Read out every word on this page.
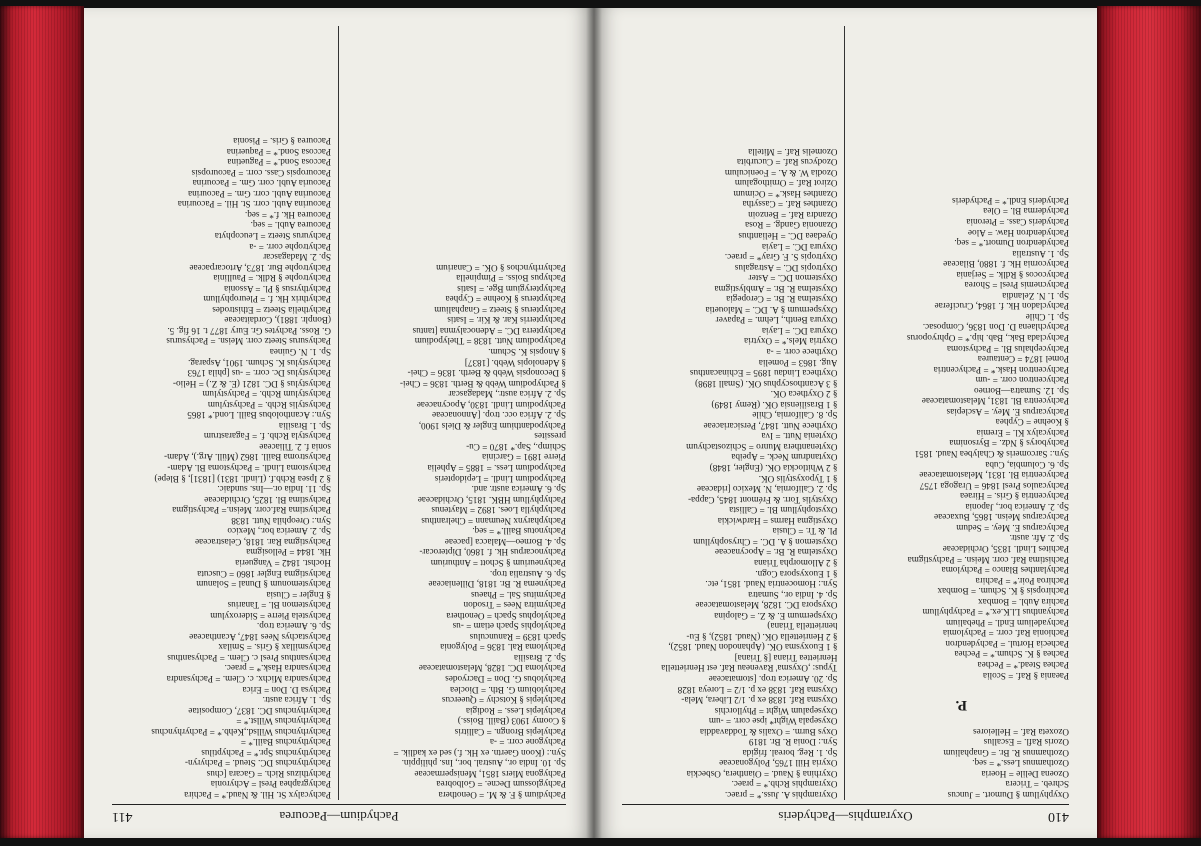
411	Pachydium—Pacourea
Pachydium § F. & M. = Oenothera
Pachyglossum Decne. = Golbobrea
Pachygona Miers 1851, Menispermaceae
Sp. 10. India or., Austral. bor., Ins. philippin.
Syn.: (Koon Gaertn. ex Hk. f.) sed ex kadlik. =
Pachygone corr. = -a
Pachylepis Brongn. = Callitris
§ Coomy 1903 (Baill. Boiss.)
Pachylepis Less. = Rodigia
Pachylepis § Kotschy = Queercus
Pachylobium G. Bth. = Dioclea
Pachylobus G. Don = Dacryodes
Pachyloma DC. 1828, Melastomataceae
Sp. 2. Brasilia
Pachyloma Ral. 1836 = Polygonia
Spach 1839 = Ranunculus
Pachylophis Spach etiam = -us
Pachylophus Spach = Oenothera
Pachymitra Nees = Trsodon
Pachymitus Sal. = Phaeus
Pachynema R. Br. 1818, Dilleniaceae
Sp. 6. Australia trop.
Pachyneurium § Schott = Anthurium
Pachynocarpus Hk. f. 1860, Dipterocar-
Sp. 4. Borneo—Malacca [paceae
Pachynotus Baill.* = seq.
Pachypharynx Neumann = Chelranthus
Pachyphylla Loes. 1892 = Maytenus
Pachyphyllum HBK. 1815, Orchidaceae
Sp. 6. America austr. and.
Pachypodium Lindl. = Lepidopteris
Pachypodium Less. = 1885 = Aphelia
Pierre 1891 = Garcinia
Schimp., Sap.* 1870 = Cu-
pressites
Pachypodanthium Engler & Diels 1900,
Sp. 2. Africa occ. trop. [Annonaceae
Pachypodium Lindl. 1830, Apocynaceae
Sp. 2. Africa austr., Madagascar
§ Pachypodium Webb & Berth. 1836 = Chei-
§ Deconopsis Webb & Berth. 1836 = Chei-
§ Adenolopis Webb. [1837]
§ Anopsis K. Schum.
Pachypodium Nutt. 1838 = Thelypodium
Pachypterra DC. = Adenocalymna [tantus
Pachypterris Kar. & Kir. = Isatis
Pachypterus § Steetz = Gnaphalium
Pachypterus § Koehne = Cyphea
Pachypterygium Bge. = Isatis
Pachypus Boiss. = Pimpinella
Pachyrrhynchos § OK. = Canarium
Pachycalyx St. Hil. & Naud.* = Pachira
Pachygraphea Presl = Achyronia
Pachythizus Rich. = Gacara [chus
Pachythynchus DC. Steud. = Pachyryn-
Pachythynchus Spr.* = Pachyptilus
Pachythynchus Baill.* =
Pachyrhynchus Willsd.,Kehb.* = Pachyrhynchus
Pachyrhynchus Willst.* =
Pachyrhynchus DC. 1837, Compositae
Sp. 1. Africa austr.
Pachysa D. Don = Erica
Pachysandra Michx. c. Clem. = Pachysandra
Pachysandra Hask.* = praec.
Pachysanthus Presl c. Clem. = Pachysanthus
Pachysmillax § Gris. = Smilax
Pachystachys Nees 1847, Acanthaceae
Sp. 6. America trop.
Pachystela Pierre = Sideroxylum
Pachystemon Bl. = Tanarius
§ Engler = Clusia
Pachystemonum § Dunal = Solanum
Pachystigma Engler 1860 = Cuscuta
Hochst. 1842 = Vangueria
Hk. 1844 = Pellosigma
Pachystigma Rar. 1818, Celastraceae
Sp. 2. America bor., Mexico
Syn.: Oreophila Nutt. 1838
Pachystima Raf.corr. Meisn.= Pachystigma
Pachystima Bl. 1825, Orchidaceae
Sp. 11. India or.—Ins. sundaic.
§ 2 Ipsea Rchb.f. (Lindl. 1831) [1831], § Blepe)
Pachystoma Lindl. = Pachystoma Bl. Adam-
Pachystroma Baill. 1862 (Müll. Arg.), Adam-
sonia f. 2. Tiliaceae
Pachystyla Rchb. f. = Fagarastrum
Sp. 1. Brasilia
Syn.: Acantholobus Baill. Lond.* 1865
Pachystylis Rchb. = Pachystylum
Pachystylum Rchb. = Pachystylum
Pachystylus § DC. 1821 (E. & Z.) = Helio-
Pachystylus Dc. corr. = -us [phila 1763
Pachystylus K. Schum. 1901, Asparag.
Sp. 1. N. Guinea
Pachysurus Steetz corr. Meisn. = Pachysurus
G. Ross. Pachytes Gr. Eury 1877 t. 16 fig. 5.
(Bonplr. 1881), Cordaitaceae
Pachythelia Steetz = Ethistrodes
Pachythrix Hk. f. = Pleurophyllum
Pachythyrsus § Pl. = Assonia
Pachytrophe § Rdlk. = Paullinia
Pachytrophe Bur. 1873, Artocarpaceae
Sp. 2. Madagascar
Pachytrophe corr. = -a
Pachyurus Steetz = Leucophyta
Pacourea Aubl. = seq.
Pacourea Hk. f.* = seq.
Pacourina Aubl. corr. St. Hil. = Pacourina
Pacourina Aubl. corr. Gm. = Pacourina
Pacouria Aubl. corr. Gm. = Pacourina
Pacouropsis Cass. corr. = Pacouropsis
Paccosa Sond.* = Paguetina
Paccosa Sond.* = Paquerina
Pacourea § Gris. = Pisonia
410
Oxyramphis—Pachyderis
Oxyphyllum § Dumort. = Juncus
Schreb. = Tricera
Ozoena Delile = Hoeria
Ozothamnus Less.* = seq.
Ozothamnus R. Br. = Gnaphalium
Ozoris Rafl. = Escallus
Ozoxeta Raf. = Helleiores

P.

Paeania § Raf. = Scolia
Pachea Stead.* = Pechea
Pachea § K. Schum.* = Pechea
Pachecia Hortul. = Pachydendron
Pachionia Raf. corr. = Pachylomia
Pachyadelium Endl. = Phebalium
Pachyanthus Ll.K.ex.* = Pachyphyllum
Pachira Aubl. = Bombax
Pachiropsis § K. Schum. = Bombax
Pachiroa Poir.* = Pachira
Pachylanthes Blanco = Pachyloma
Pachistima Raf. corr. Meisn. = Pachystigma
Pachites Lindl. 1835, Orchidaceae
Sp. 2. Afr. austr.
Pachycarpus E. Mey. = Sedum
Pachycarpus Meisn. 1865, Buxaceae
Sp. 2. America bor., Japonia
Pachycentria § Gris. = Hiraea
Pachycaulos Presl 1846 = Uragoga 1757
Pachycentria Bl. 1831, Melastomataceae
Sp. 6. Columbia, Cuba
Syn.: Sarcomeris & Chalybea Naud. 1851
Pachyborys § Ndz. = Byrsonima
Pachycalyx Kl. = Eremia
§ Koehne = Cyphea
Pachycarpus E. Mey. = Asclepias
Pachycentra Bl. 1831, Melastomataceae
Sp. 12. Sumatra—Borneo
Pachycentron corr. = -um
Pachycentron Hask.* = Pachycentria
Pomel 1874 = Centaurea
Pachycephalus Bl. = Pachystoma
Pachyclada Bak., Bab. hip.* = Ophryoporus
Pachychlaena D. Don 1836, Composac.
Sp. 1. Chile
Pachycladon Hk. f. 1864, Cruciferae
Sp. 1. N. Zelandia
Pachycnemis Presl = Shorea
Pachycocos § Rdlk. = Serjania
Pachycornia Hk. f. 1880, Bilaceae
Sp. 1. Australia
Pachydendron Dumort.* = seq.
Pachydendron Haw. = Aloe
Pachyderis Cass. = Pteronia
Pachyderma Bl. = Olea
Pachyderis Endl.* = Pachyderis
Oxyramphis A. Juss.* = praec.
Oxyramphis Rchb.* = praec.
Oxyrhina § Naud. = Oianthera, Osbeckia
Oxyria Hill 1765, Polygonaceae
Sp. 1. Reg. boreal. frigida
Syn.: Donia R. Br. 1819
Oxys Burm. = Oxalis & Toddavaddia
Oxysepala Wight* ipse corr. = -um
Oxysepalum Wight = Phyllorchis
Oxysma Raf. 1838 ex p. 1/2 Libera, Mela-
Oxysma Raf. 1838 ex p. 1/2 = Loreya 1828
Sp. 20. America trop. [stomataceae
Typus: ,Oxysma' Raveneau Raf. est Henriettella
Henriettea Triana [§ Triana]
§ 1 Euoxysma OK. (Aphanodon Naud. 1852),
§ 2 Henriettella OK. (Naud. 1852), § Eu-
henriettella Triana)
Oxyspermum E. & Z. = Galopina
Oxyspora DC. 1828, Melastomataceae
Sp. 4. India or., Sumatra
Syn.: Homocentria Naud. 1851, etc.
§ 1 Euoxyspora Cogn.
§ 2 Allomorpha Triana
Oxystelma R. Br. = Apocynaceae
Oxystemon § A. DC. = Chrysophyllum
Pl. & Tr. = Clusia
Oxystigma Harms = Hardwickia
Oxystophyllum Bl. = Callista
Oxystylis Torr. & Frémont 1845, Cappa-
Sp. 2. California, N. Mexico [ridaceae
§ 1 Typoxystylis OK.
§ 2 Whitlockia OK. (Engler, 1848)
Oxytandrum Neck. = Apeiba
Oxytenanthera Munro = Schizostachyum
Oxytenia Nutt. = Iva
Oxythece Nutt. 1847, Persicariaceae
Sp. 8. California, Chile
§ 1 Brasiliensia OK. (Remy 1849)
§ 2 Oxytheca OK.
§ 3 Acanthoscyphus OK. (Small 1898)
Oxytheca Lindau 1895 = Echinacanthus
Aug. 1863 = Pomelia
Oxythece corr. = -a
Oxytria Mels.* = Oxytria
Oxyura DC. = Layia
Oxyura Benth., Lehm. = Papaver
Oxyspermum § A. DC. = Malouetia
Oxystelma R. Br. = Ceropegia
Oxystelma R. Br. = Amblystigma
Oxystemon DC. = Aster
Oxytropis DC. = Astragalus
Oxytropis S. F. Gray* = praec.
Oxyura DC. = Layia
Oyedaea DC. = Helianthus
Ozanonia Gandg. = Rosa
Ozandra Raf. = Benzoin
Ozanthes Raf. = Cassytha
Ozanthes Hask.* = Ocimum
Ozirot Raf. = Ornithogalum
Ozodia W. & A. = Foeniculum
Ozodycus Raf. = Cucurbita
Ozomelis Raf. = Mitella
